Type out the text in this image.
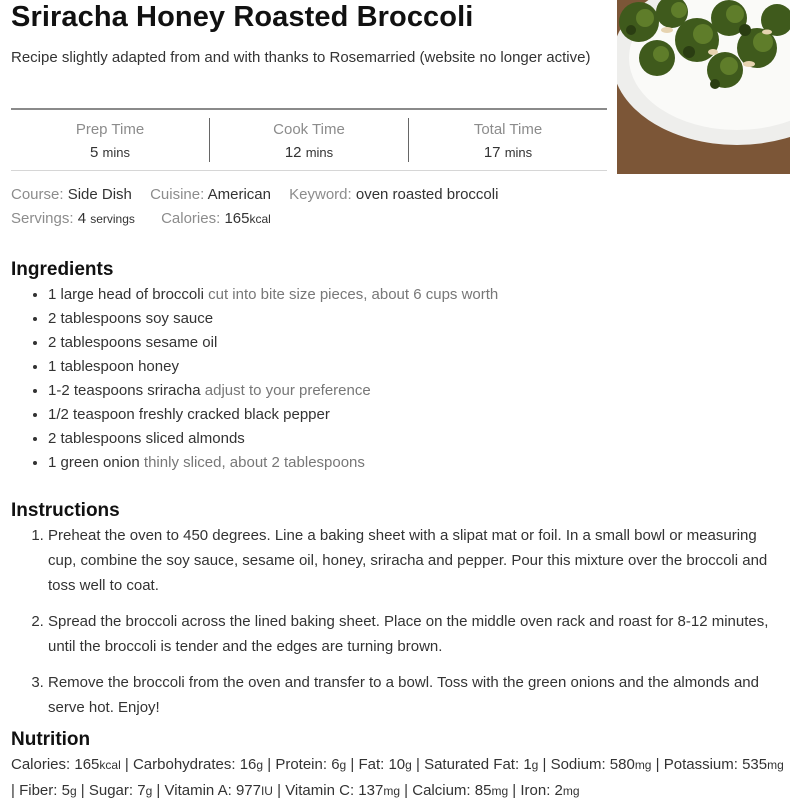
Sriracha Honey Roasted Broccoli
Recipe slightly adapted from and with thanks to Rosemarried (website no longer active)
Prep Time
5 mins
Cook Time
12 mins
Total Time
17 mins
Course: Side Dish Cuisine: American Keyword: oven roasted broccoli
Servings: 4 servings Calories: 165kcal
Ingredients
• 1 large head of broccoli cut into bite size pieces, about 6 cups worth
• 2 tablespoons soy sauce
• 2 tablespoons sesame oil
• 1 tablespoon honey
• 1-2 teaspoons sriracha adjust to your preference
• 1/2 teaspoon freshly cracked black pepper
• 2 tablespoons sliced almonds
• 1 green onion thinly sliced, about 2 tablespoons
Instructions
1. Preheat the oven to 450 degrees. Line a baking sheet with a slipat mat or foil. In a small bowl or measuring cup, combine the soy sauce, sesame oil, honey, sriracha and pepper. Pour this mixture over the broccoli and toss well to coat.
2. Spread the broccoli across the lined baking sheet. Place on the middle oven rack and roast for 8-12 minutes, until the broccoli is tender and the edges are turning brown.
3. Remove the broccoli from the oven and transfer to a bowl. Toss with the green onions and the almonds and serve hot. Enjoy!
Nutrition
Calories: 165kcal | Carbohydrates: 16g | Protein: 6g | Fat: 10g | Saturated Fat: 1g | Sodium: 580mg | Potassium: 535mg | Fiber: 5g | Sugar: 7g | Vitamin A: 977IU | Vitamin C: 137mg | Calcium: 85mg | Iron: 2mg
